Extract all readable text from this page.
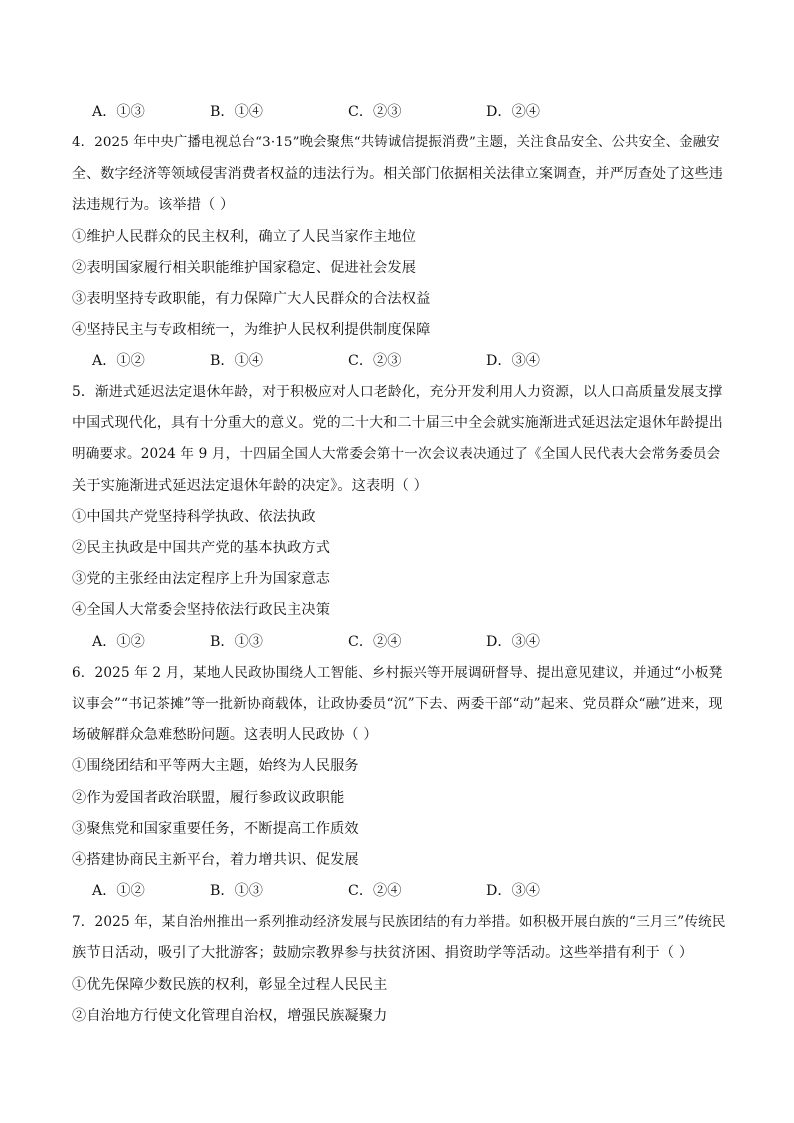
A．①③	B．①④	C．②③	D．②④
4．2025 年中央广播电视总台“3·15”晚会聚焦“共铸诚信提振消费”主题，关注食品安全、公共安全、金融安
全、数字经济等领域侵害消费者权益的违法行为。相关部门依据相关法律立案调查，并严厉查处了这些违
法违规行为。该举措（ ）
①维护人民群众的民主权利，确立了人民当家作主地位
②表明国家履行相关职能维护国家稳定、促进社会发展
③表明坚持专政职能，有力保障广大人民群众的合法权益
④坚持民主与专政相统一，为维护人民权利提供制度保障
A．①②	B．①④	C．②③	D．③④
5．渐进式延迟法定退休年龄，对于积极应对人口老龄化，充分开发利用人力资源，以人口高质量发展支撑
中国式现代化，具有十分重大的意义。党的二十大和二十届三中全会就实施渐进式延迟法定退休年龄提出
明确要求。2024 年 9 月，十四届全国人大常委会第十一次会议表决通过了《全国人民代表大会常务委员会
关于实施渐进式延迟法定退休年龄的决定》。这表明（ ）
①中国共产党坚持科学执政、依法执政
②民主执政是中国共产党的基本执政方式
③党的主张经由法定程序上升为国家意志
④全国人大常委会坚持依法行政民主决策
A．①②	B．①③	C．②④	D．③④
6．2025 年 2 月，某地人民政协围绕人工智能、乡村振兴等开展调研督导、提出意见建议，并通过“小板凳
议事会”“书记茶摊”等一批新协商载体，让政协委员“沉”下去、两委干部“动”起来、党员群众“融”进来，现
场破解群众急难愁盼问题。这表明人民政协（ ）
①围绕团结和平等两大主题，始终为人民服务
②作为爱国者政治联盟，履行参政议政职能
③聚焦党和国家重要任务，不断提高工作质效
④搭建协商民主新平台，着力增共识、促发展
A．①②	B．①③	C．②④	D．③④
7．2025 年，某自治州推出一系列推动经济发展与民族团结的有力举措。如积极开展白族的“三月三”传统民
族节日活动，吸引了大批游客；鼓励宗教界参与扶贫济困、捐资助学等活动。这些举措有利于（ ）
①优先保障少数民族的权利，彰显全过程人民民主
②自治地方行使文化管理自治权，增强民族凝聚力
